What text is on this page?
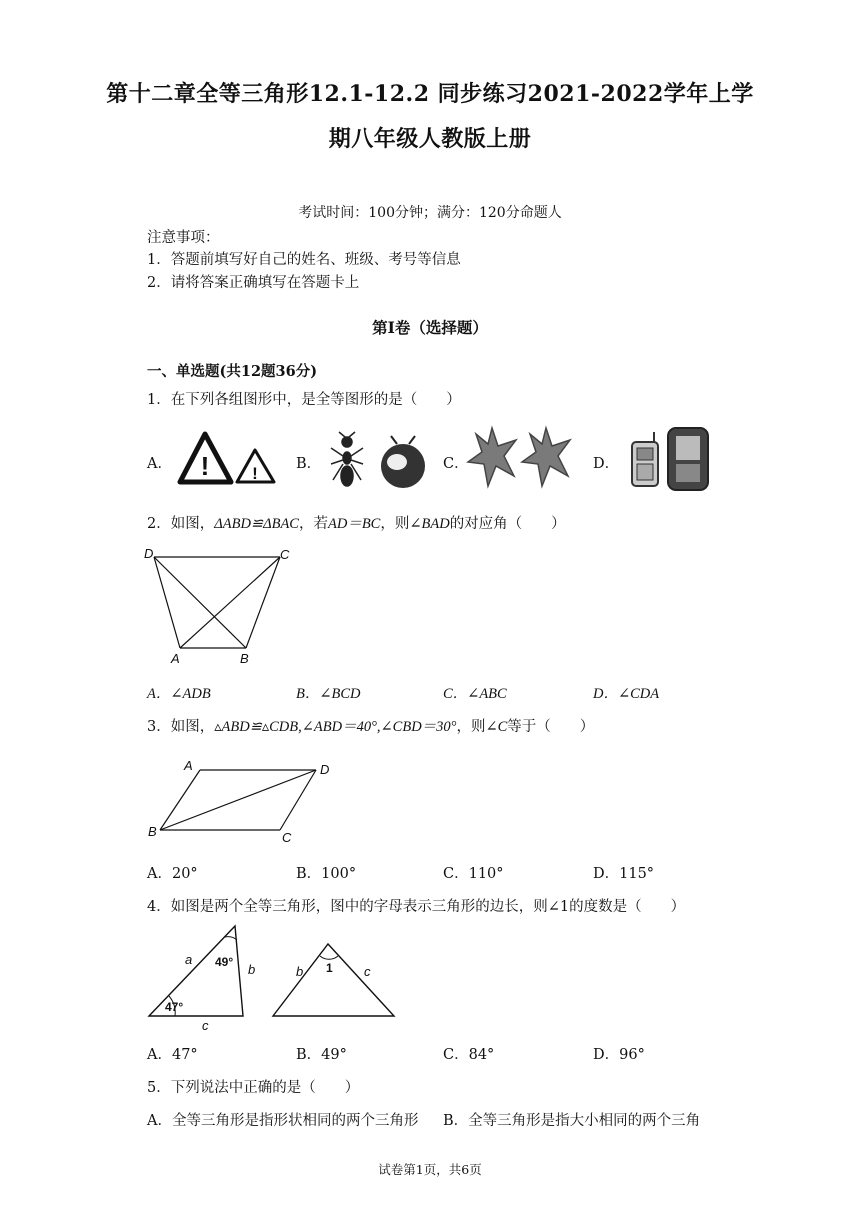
第十二章全等三角形12.1-12.2 同步练习2021-2022学年上学
期八年级人教版上册
考试时间：100分钟；满分：120分命题人
注意事项：
1．答题前填写好自己的姓名、班级、考号等信息
2．请将答案正确填写在答题卡上
第I卷（选择题）
一、单选题(共12题36分)
1．在下列各组图形中，是全等图形的是（　　）
A． !	!	B．	C．	D．
2．如图，ΔABD≌ΔBAC，若AD＝BC，则∠BAD的对应角（　　）
D	C
A	B
A．∠ADB	B．∠BCD	C．∠ABC	D．∠CDA
3．如图，▵ABD≌▵CDB,∠ABD＝40°,∠CBD＝30°，则∠C等于（　　）
A	D
B	C
A．20°	B．100°	C．110°	D．115°
4．如图是两个全等三角形，图中的字母表示三角形的边长，则∠1的度数是（　　）
a
b
c
49°
47°
b 1 c
A．47°	B．49°	C．84°	D．96°
5．下列说法中正确的是（　　）
A．全等三角形是指形状相同的两个三角形 B．全等三角形是指大小相同的两个三角
试卷第1页，共6页
